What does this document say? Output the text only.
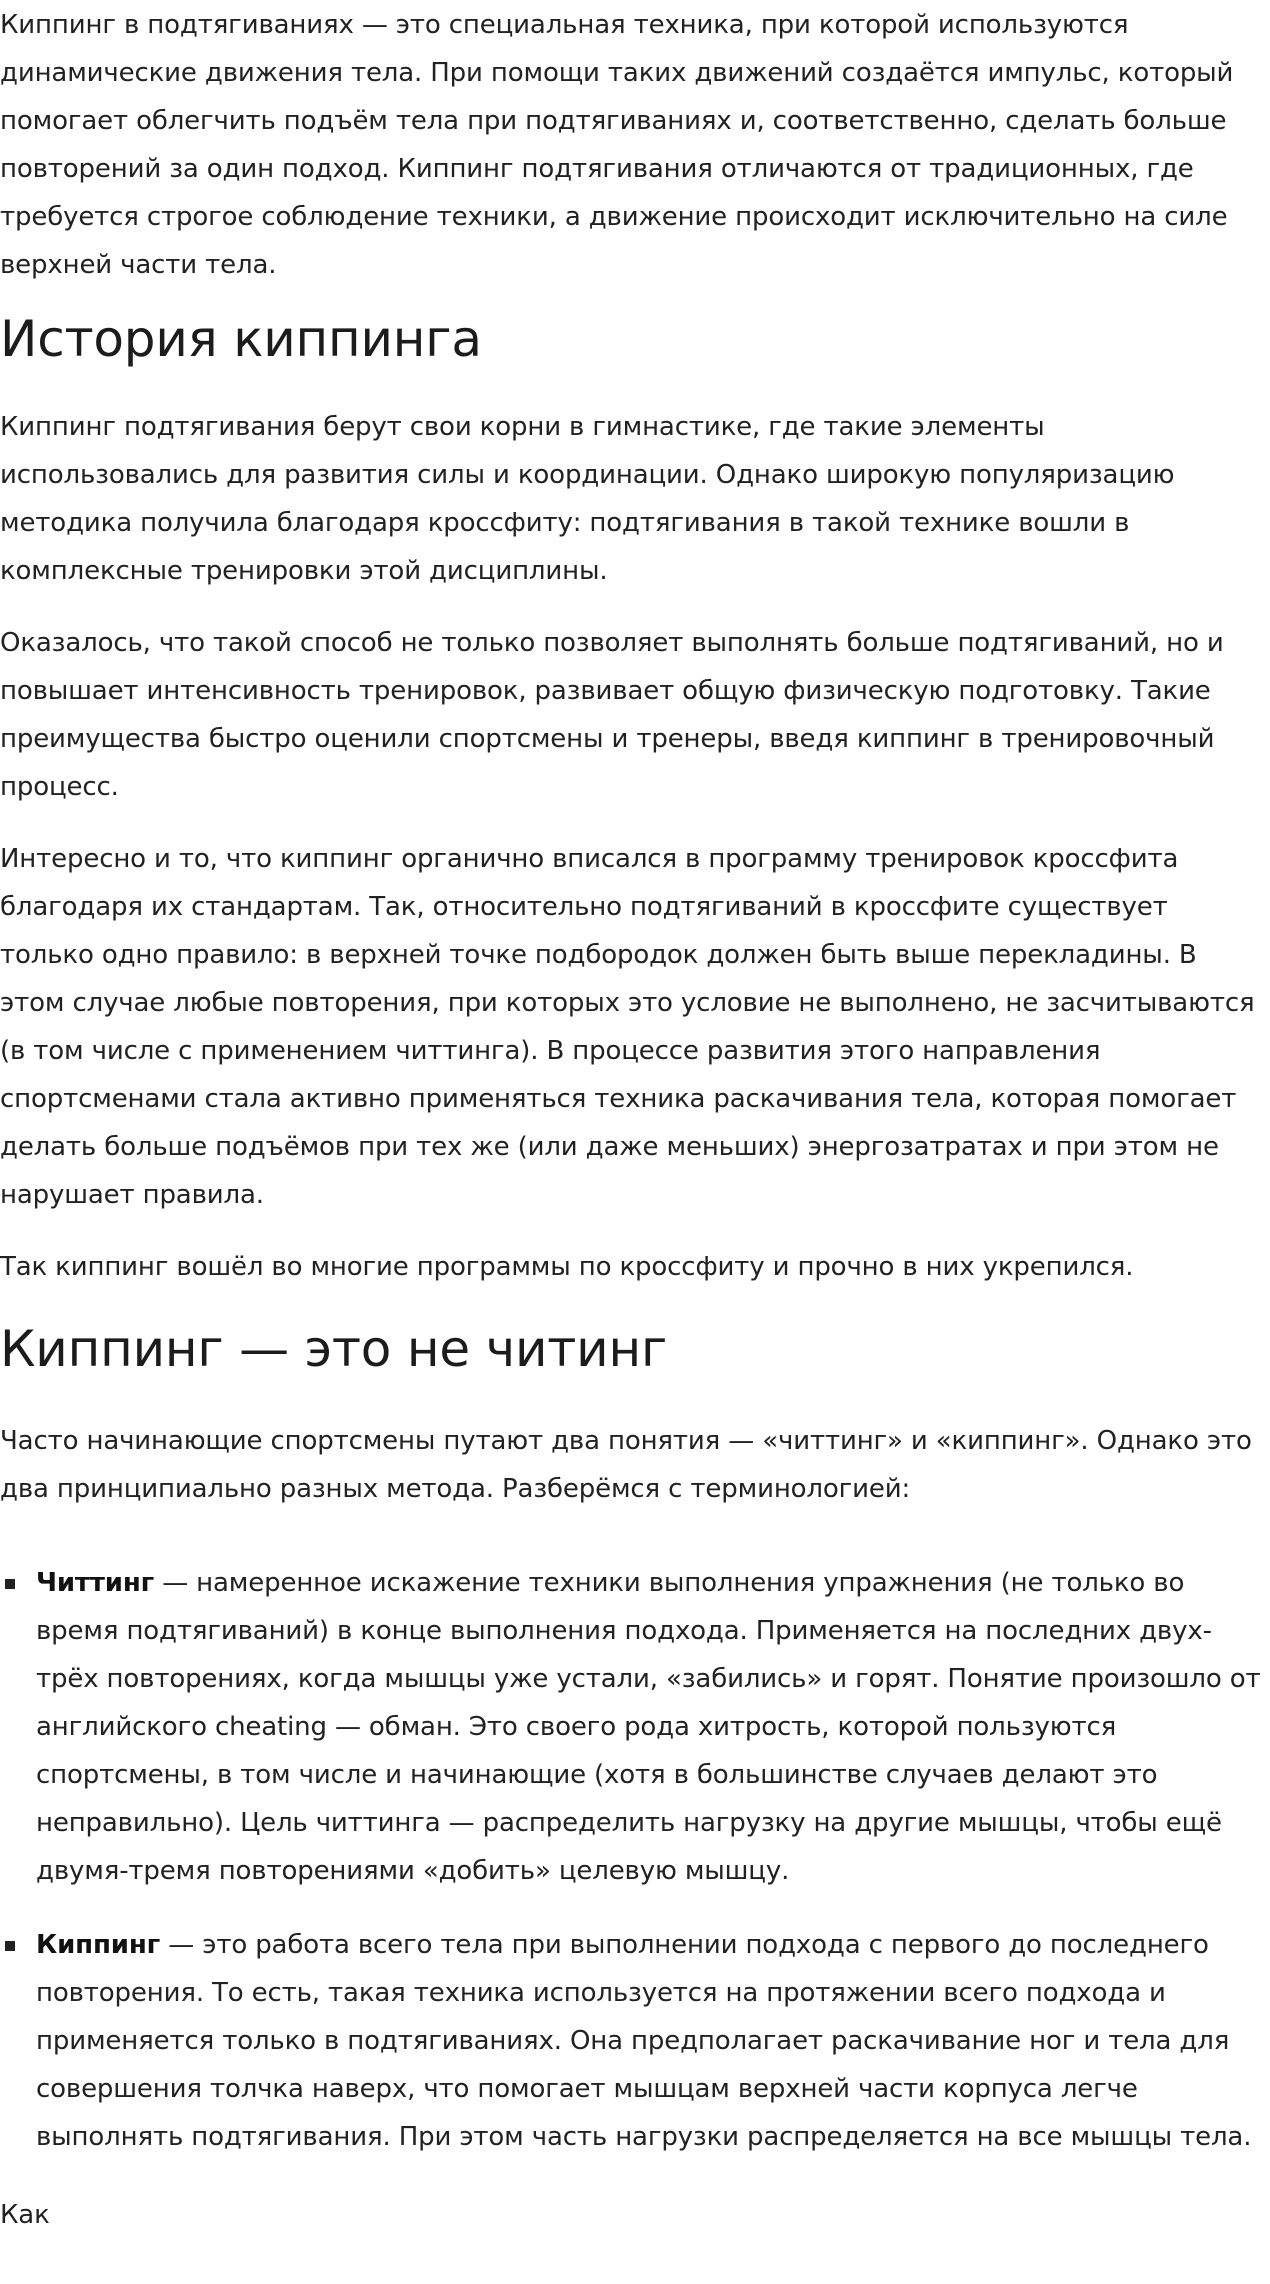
Киппинг в подтягиваниях — это специальная техника, при которой используются динамические движения тела. При помощи таких движений создаётся импульс, который помогает облегчить подъём тела при подтягиваниях и, соответственно, сделать больше повторений за один подход. Киппинг подтягивания отличаются от традиционных, где требуется строгое соблюдение техники, а движение происходит исключительно на силе верхней части тела.

История киппинга

Киппинг подтягивания берут свои корни в гимнастике, где такие элементы использовались для развития силы и координации. Однако широкую популяризацию методика получила благодаря кроссфиту: подтягивания в такой технике вошли в комплексные тренировки этой дисциплины.

Оказалось, что такой способ не только позволяет выполнять больше подтягиваний, но и повышает интенсивность тренировок, развивает общую физическую подготовку. Такие преимущества быстро оценили спортсмены и тренеры, введя киппинг в тренировочный процесс.

Интересно и то, что киппинг органично вписался в программу тренировок кроссфита благодаря их стандартам. Так, относительно подтягиваний в кроссфите существует только одно правило: в верхней точке подбородок должен быть выше перекладины. В этом случае любые повторения, при которых это условие не выполнено, не засчитываются (в том числе с применением читтинга). В процессе развития этого направления спортсменами стала активно применяться техника раскачивания тела, которая помогает делать больше подъёмов при тех же (или даже меньших) энергозатратах и при этом не нарушает правила.

Так киппинг вошёл во многие программы по кроссфиту и прочно в них укрепился.

Киппинг — это не читинг

Часто начинающие спортсмены путают два понятия — «читтинг» и «киппинг». Однако это два принципиально разных метода. Разберёмся с терминологией:

Читтинг — намеренное искажение техники выполнения упражнения (не только во время подтягиваний) в конце выполнения подхода. Применяется на последних двух-трёх повторениях, когда мышцы уже устали, «забились» и горят. Понятие произошло от английского cheating — обман. Это своего рода хитрость, которой пользуются спортсмены, в том числе и начинающие (хотя в большинстве случаев делают это неправильно). Цель читтинга — распределить нагрузку на другие мышцы, чтобы ещё двумя-тремя повторениями «добить» целевую мышцу.
Киппинг — это работа всего тела при выполнении подхода с первого до последнего повторения. То есть, такая техника используется на протяжении всего подхода и применяется только в подтягиваниях. Она предполагает раскачивание ног и тела для совершения толчка наверх, что помогает мышцам верхней части корпуса легче выполнять подтягивания. При этом часть нагрузки распределяется на все мышцы тела.

Как
